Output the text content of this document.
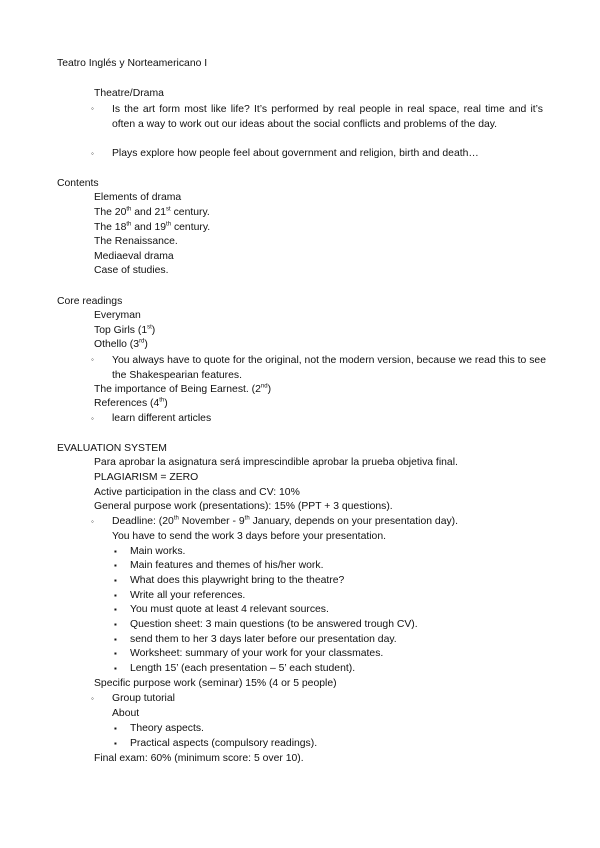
Teatro Inglés y Norteamericano I
Theatre/Drama
◦ Is the art form most like life? It’s performed by real people in real space, real time and it’s often a way to work out our ideas about the social conflicts and problems of the day.
◦ Plays explore how people feel about government and religion, birth and death…
Contents
Elements of drama
The 20th and 21st century.
The 18th and 19th century.
The Renaissance.
Mediaeval drama
Case of studies.
Core readings
Everyman
Top Girls (1st)
Othello (3rd)
◦ You always have to quote for the original, not the modern version, because we read this to see the Shakespearian features.
The importance of Being Earnest. (2nd)
References (4th)
◦ learn different articles
EVALUATION SYSTEM
Para aprobar la asignatura será imprescindible aprobar la prueba objetiva final.
PLAGIARISM = ZERO
Active participation in the class and CV: 10%
General purpose work (presentations): 15% (PPT + 3 questions).
◦ Deadline: (20th November - 9th January, depends on your presentation day).
You have to send the work 3 days before your presentation.
▪ Main works.
▪ Main features and themes of his/her work.
▪ What does this playwright bring to the theatre?
▪ Write all your references.
▪ You must quote at least 4 relevant sources.
▪ Question sheet: 3 main questions (to be answered trough CV).
▪ send them to her 3 days later before our presentation day.
▪ Worksheet: summary of your work for your classmates.
▪ Length 15’ (each presentation – 5’ each student).
Specific purpose work (seminar) 15% (4 or 5 people)
◦ Group tutorial
About
▪ Theory aspects.
▪ Practical aspects (compulsory readings).
Final exam: 60% (minimum score: 5 over 10).
